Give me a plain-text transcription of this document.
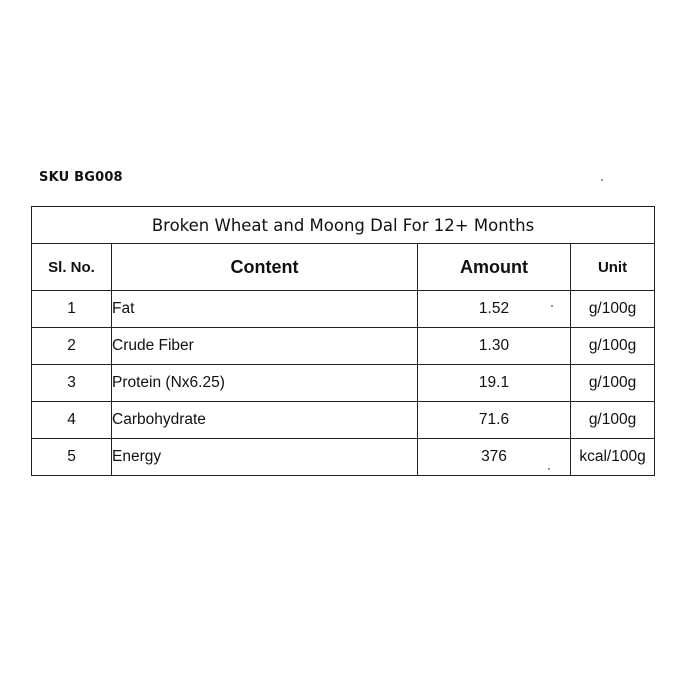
SKU BG008
Broken Wheat and Moong Dal For 12+ Months			
Sl. No.	Content	Amount	Unit
1	Fat	1.52	g/100g
2	Crude Fiber	1.30	g/100g
3	Protein (Nx6.25)	19.1	g/100g
4	Carbohydrate	71.6	g/100g
5	Energy	376	kcal/100g
